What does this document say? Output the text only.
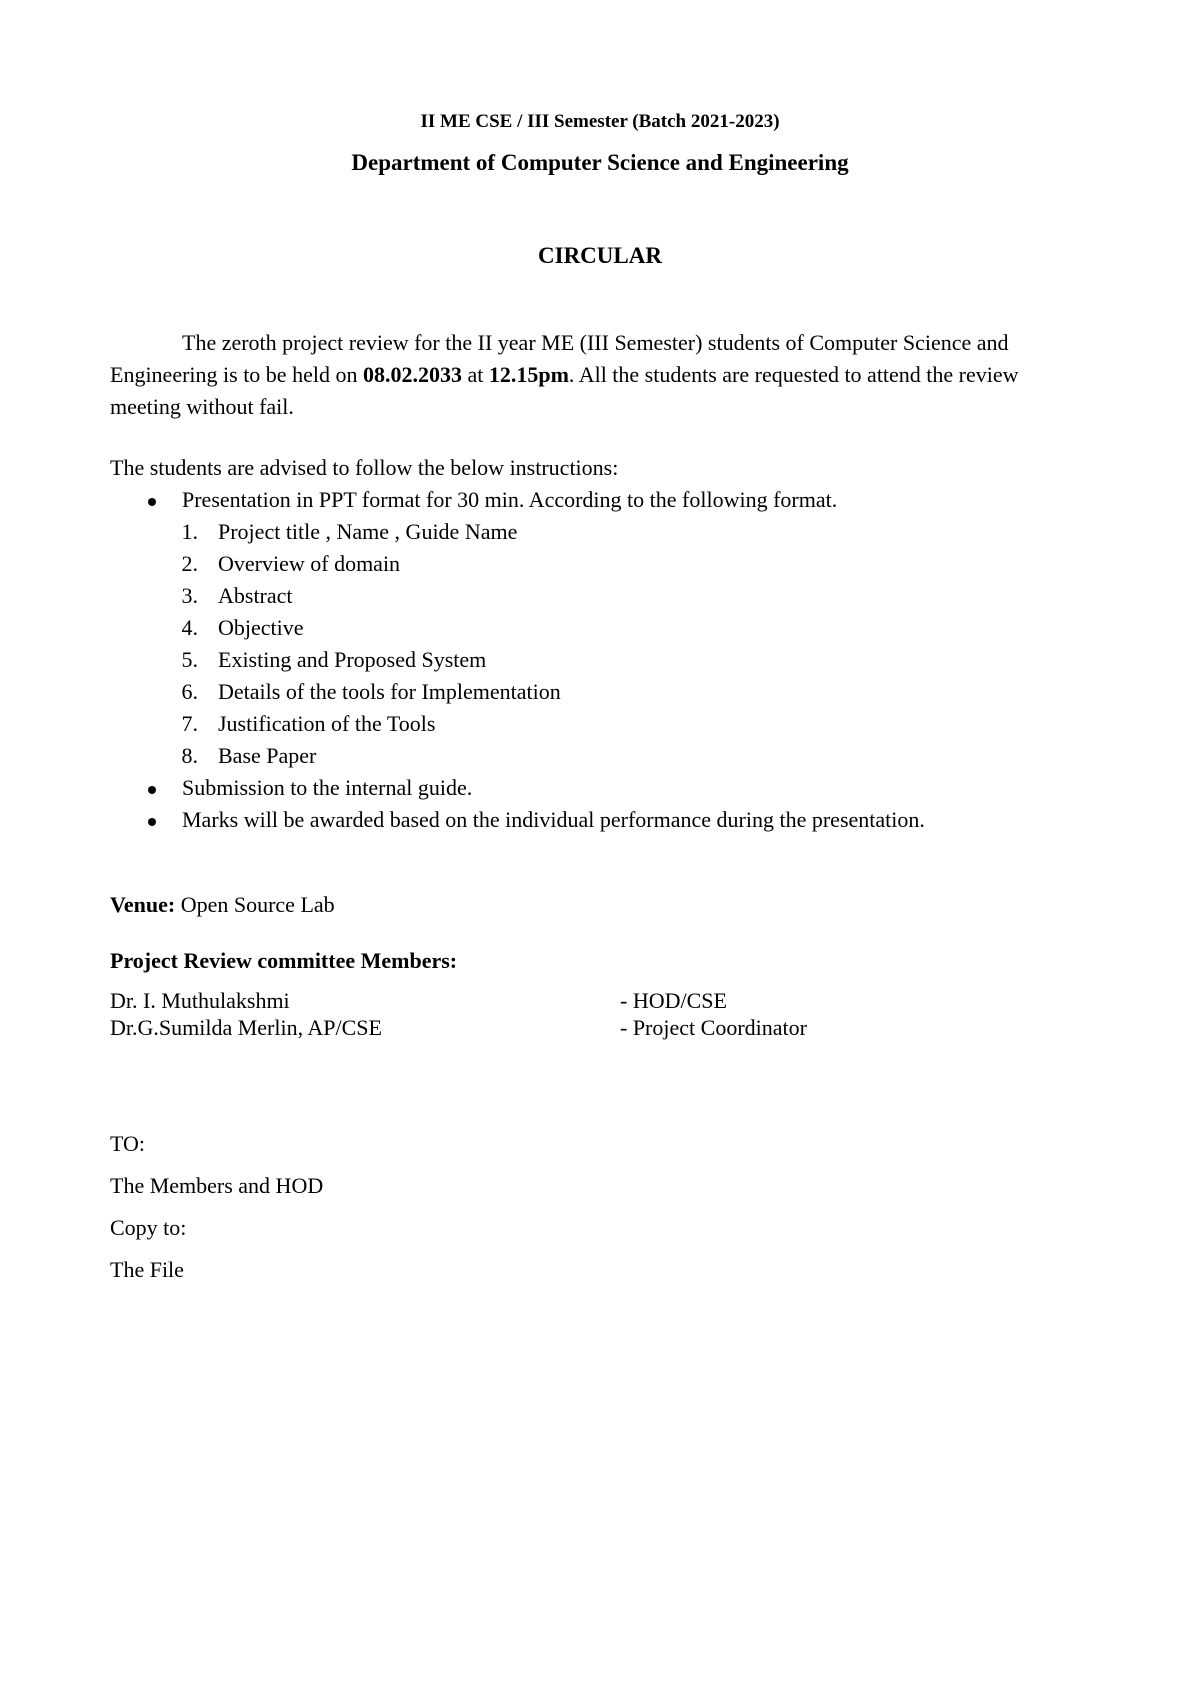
II ME CSE / III Semester (Batch 2021-2023)
Department of Computer Science and Engineering
CIRCULAR
The zeroth project review for the II year ME (III Semester) students of Computer Science and
Engineering is to be held on 08.02.2033 at 12.15pm. All the students are requested to attend the review
meeting without fail.
The students are advised to follow the below instructions:
Presentation in PPT format for 30 min. According to the following format.
1. Project title , Name , Guide Name
2. Overview of domain
3. Abstract
4. Objective
5. Existing and Proposed System
6. Details of the tools for Implementation
7. Justification of the Tools
8. Base Paper
Submission to the internal guide.
Marks will be awarded based on the individual performance during the presentation.
Venue: Open Source Lab
Project Review committee Members:
Dr. I. Muthulakshmi	- HOD/CSE
Dr.G.Sumilda Merlin, AP/CSE	- Project Coordinator
TO:
The Members and HOD
Copy to:
The File
